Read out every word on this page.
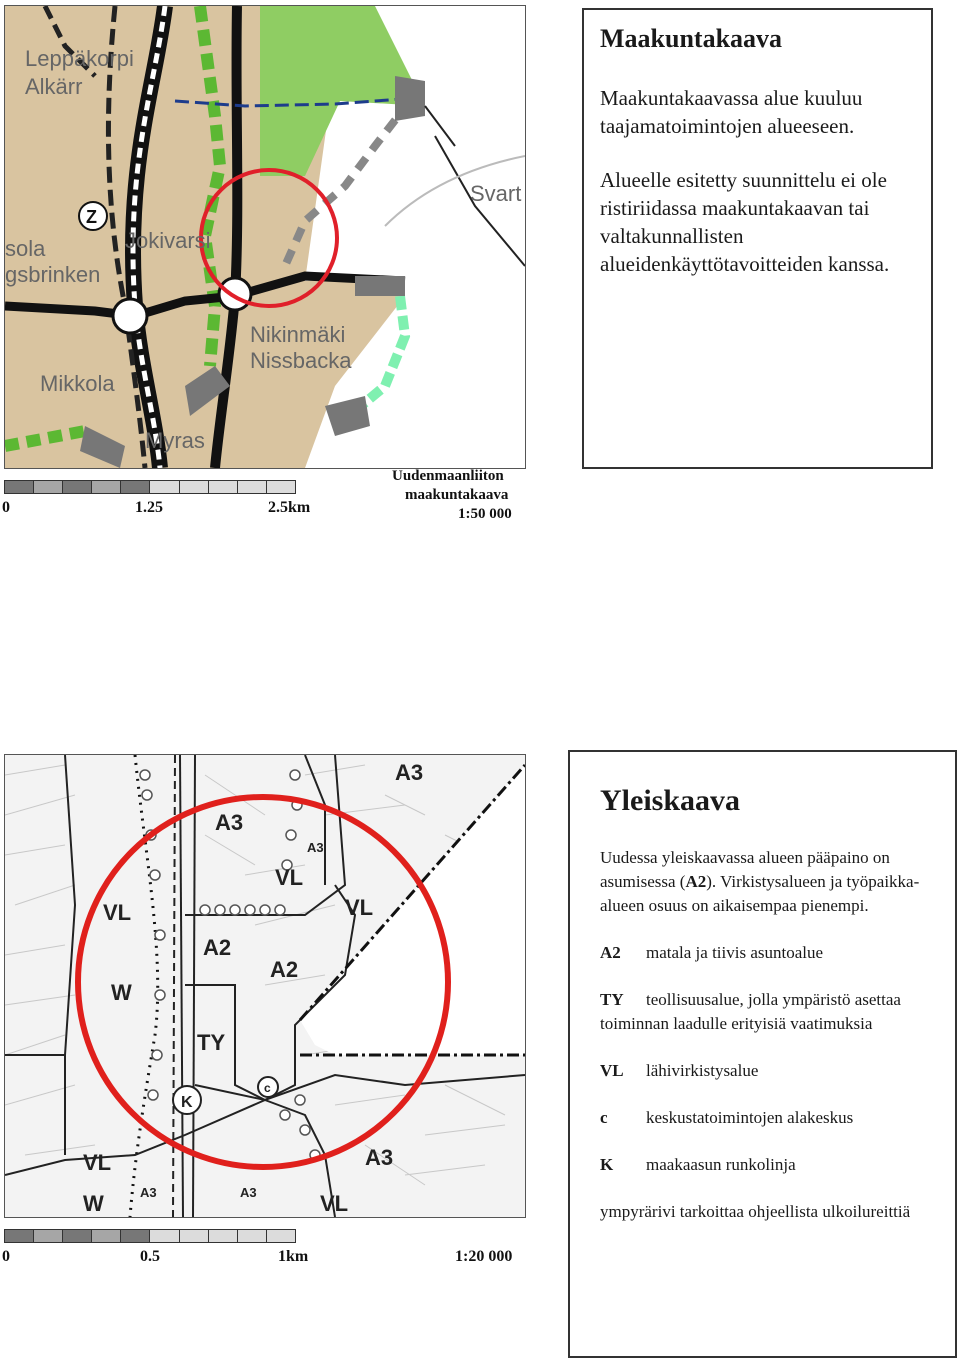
Leppäkorpi
Alkärr
Jokivarsi
sola
gsbrinken
Svart
Nikinmäki
Nissbacka
Mikkola
Myras
Z
0	1.25	2.5km
Uudenmaanliiton
maakuntakaava
1:50 000
Maakuntakaava

Maakuntakaavassa alue kuuluu taajamatoimintojen alueeseen.

Alueelle esitetty suunnittelu ei ole ristiriidassa maakuntakaavan tai valtakunnallisten alueidenkäyttötavoitteiden kanssa.

A3
A3
A3
VL
VL
A2
A2
W
TY
K
c
VL
A3
VL
W	A3	A3	VL
0	0.5	1km	1:20 000
Yleiskaava

Uudessa yleiskaavassa alueen pääpaino on asumisessa (A2). Virkistysalueen ja työpaikka-alueen osuus on aikaisempaa pienempi.

A2 matala ja tiivis asuntoalue
TY teollisuusalue, jolla ympäristö asettaa toiminnan laadulle erityisiä vaatimuksia
VL lähivirkistysalue
c keskustatoimintojen alakeskus
K maakaasun runkolinja
ympyrärivi tarkoittaa ohjeellista ulkoilureittiä
